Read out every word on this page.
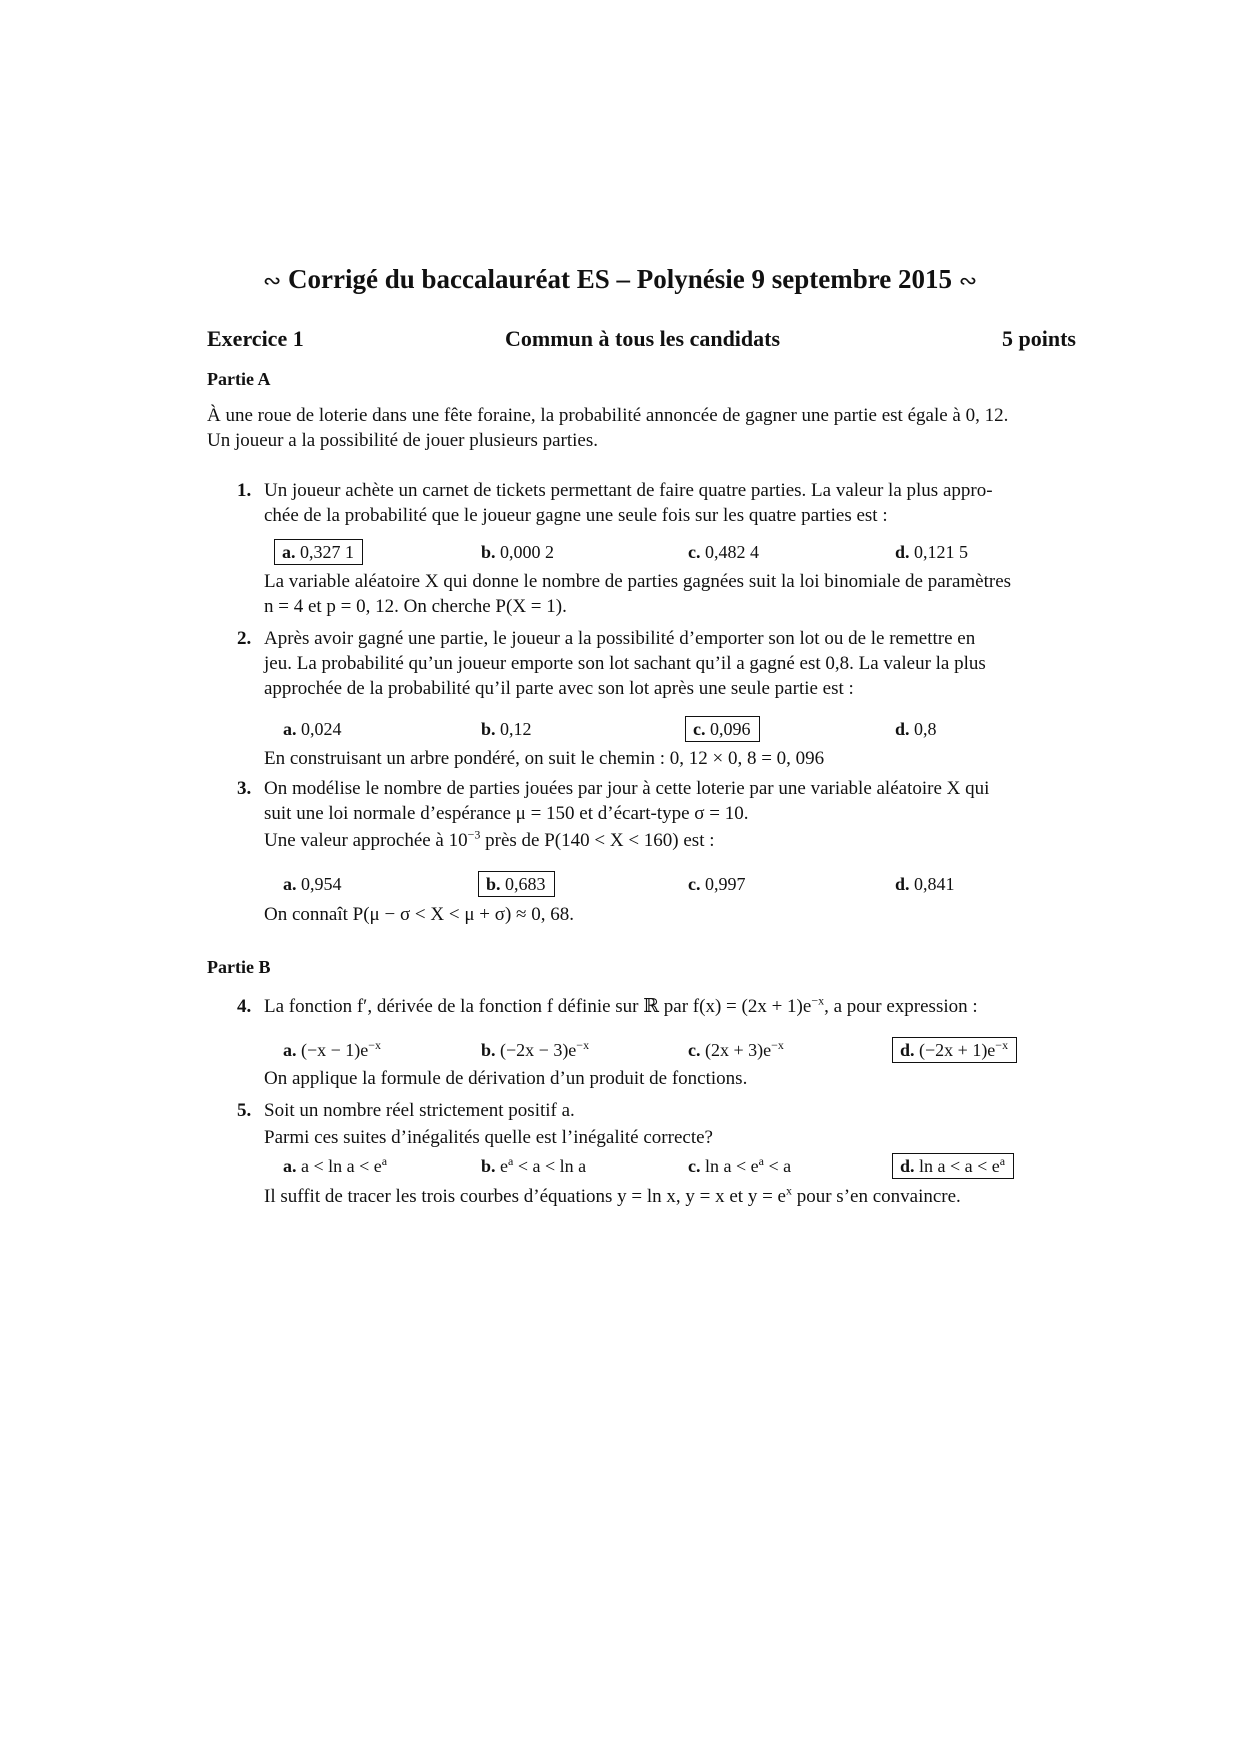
∾ Corrigé du baccalauréat ES – Polynésie 9 septembre 2015 ∾
Exercice 1	Commun à tous les candidats	5 points
Partie A
À une roue de loterie dans une fête foraine, la probabilité annoncée de gagner une partie est égale à 0, 12.
Un joueur a la possibilité de jouer plusieurs parties.
1. Un joueur achète un carnet de tickets permettant de faire quatre parties. La valeur la plus appro-
chée de la probabilité que le joueur gagne une seule fois sur les quatre parties est :
a. 0,327 1	b. 0,000 2	c. 0,482 4	d. 0,121 5
La variable aléatoire X qui donne le nombre de parties gagnées suit la loi binomiale de paramètres
n = 4 et p = 0, 12. On cherche P(X = 1).
2. Après avoir gagné une partie, le joueur a la possibilité d’emporter son lot ou de le remettre en
jeu. La probabilité qu’un joueur emporte son lot sachant qu’il a gagné est 0,8. La valeur la plus
approchée de la probabilité qu’il parte avec son lot après une seule partie est :
a. 0,024	b. 0,12	c. 0,096	d. 0,8
En construisant un arbre pondéré, on suit le chemin : 0, 12 × 0, 8 = 0, 096
3. On modélise le nombre de parties jouées par jour à cette loterie par une variable aléatoire X qui
suit une loi normale d’espérance μ = 150 et d’écart-type σ = 10.
Une valeur approchée à $10^{-3}$ près de P(140 < X < 160) est :
a. 0,954	b. 0,683	c. 0,997	d. 0,841
On connaît P(μ − σ < X < μ + σ) ≈ 0, 68.
Partie B
4. La fonction f′, dérivée de la fonction f définie sur ℝ par $f(x) = (2x + 1)e^{-x}$, a pour expression :
a. $(-x - 1)e^{-x}$	b. $(-2x - 3)e^{-x}$	c. $(2x + 3)e^{-x}$	d. $(-2x + 1)e^{-x}$
On applique la formule de dérivation d’un produit de fonctions.
5. Soit un nombre réel strictement positif a.
Parmi ces suites d’inégalités quelle est l’inégalité correcte?
a. $a < \ln a < e^a$	b. $e^a < a < \ln a$	c. $\ln a < e^a < a$	d. $\ln a < a < e^a$
Il suffit de tracer les trois courbes d’équations y = ln x, y = x et $y = e^x$ pour s’en convaincre.
